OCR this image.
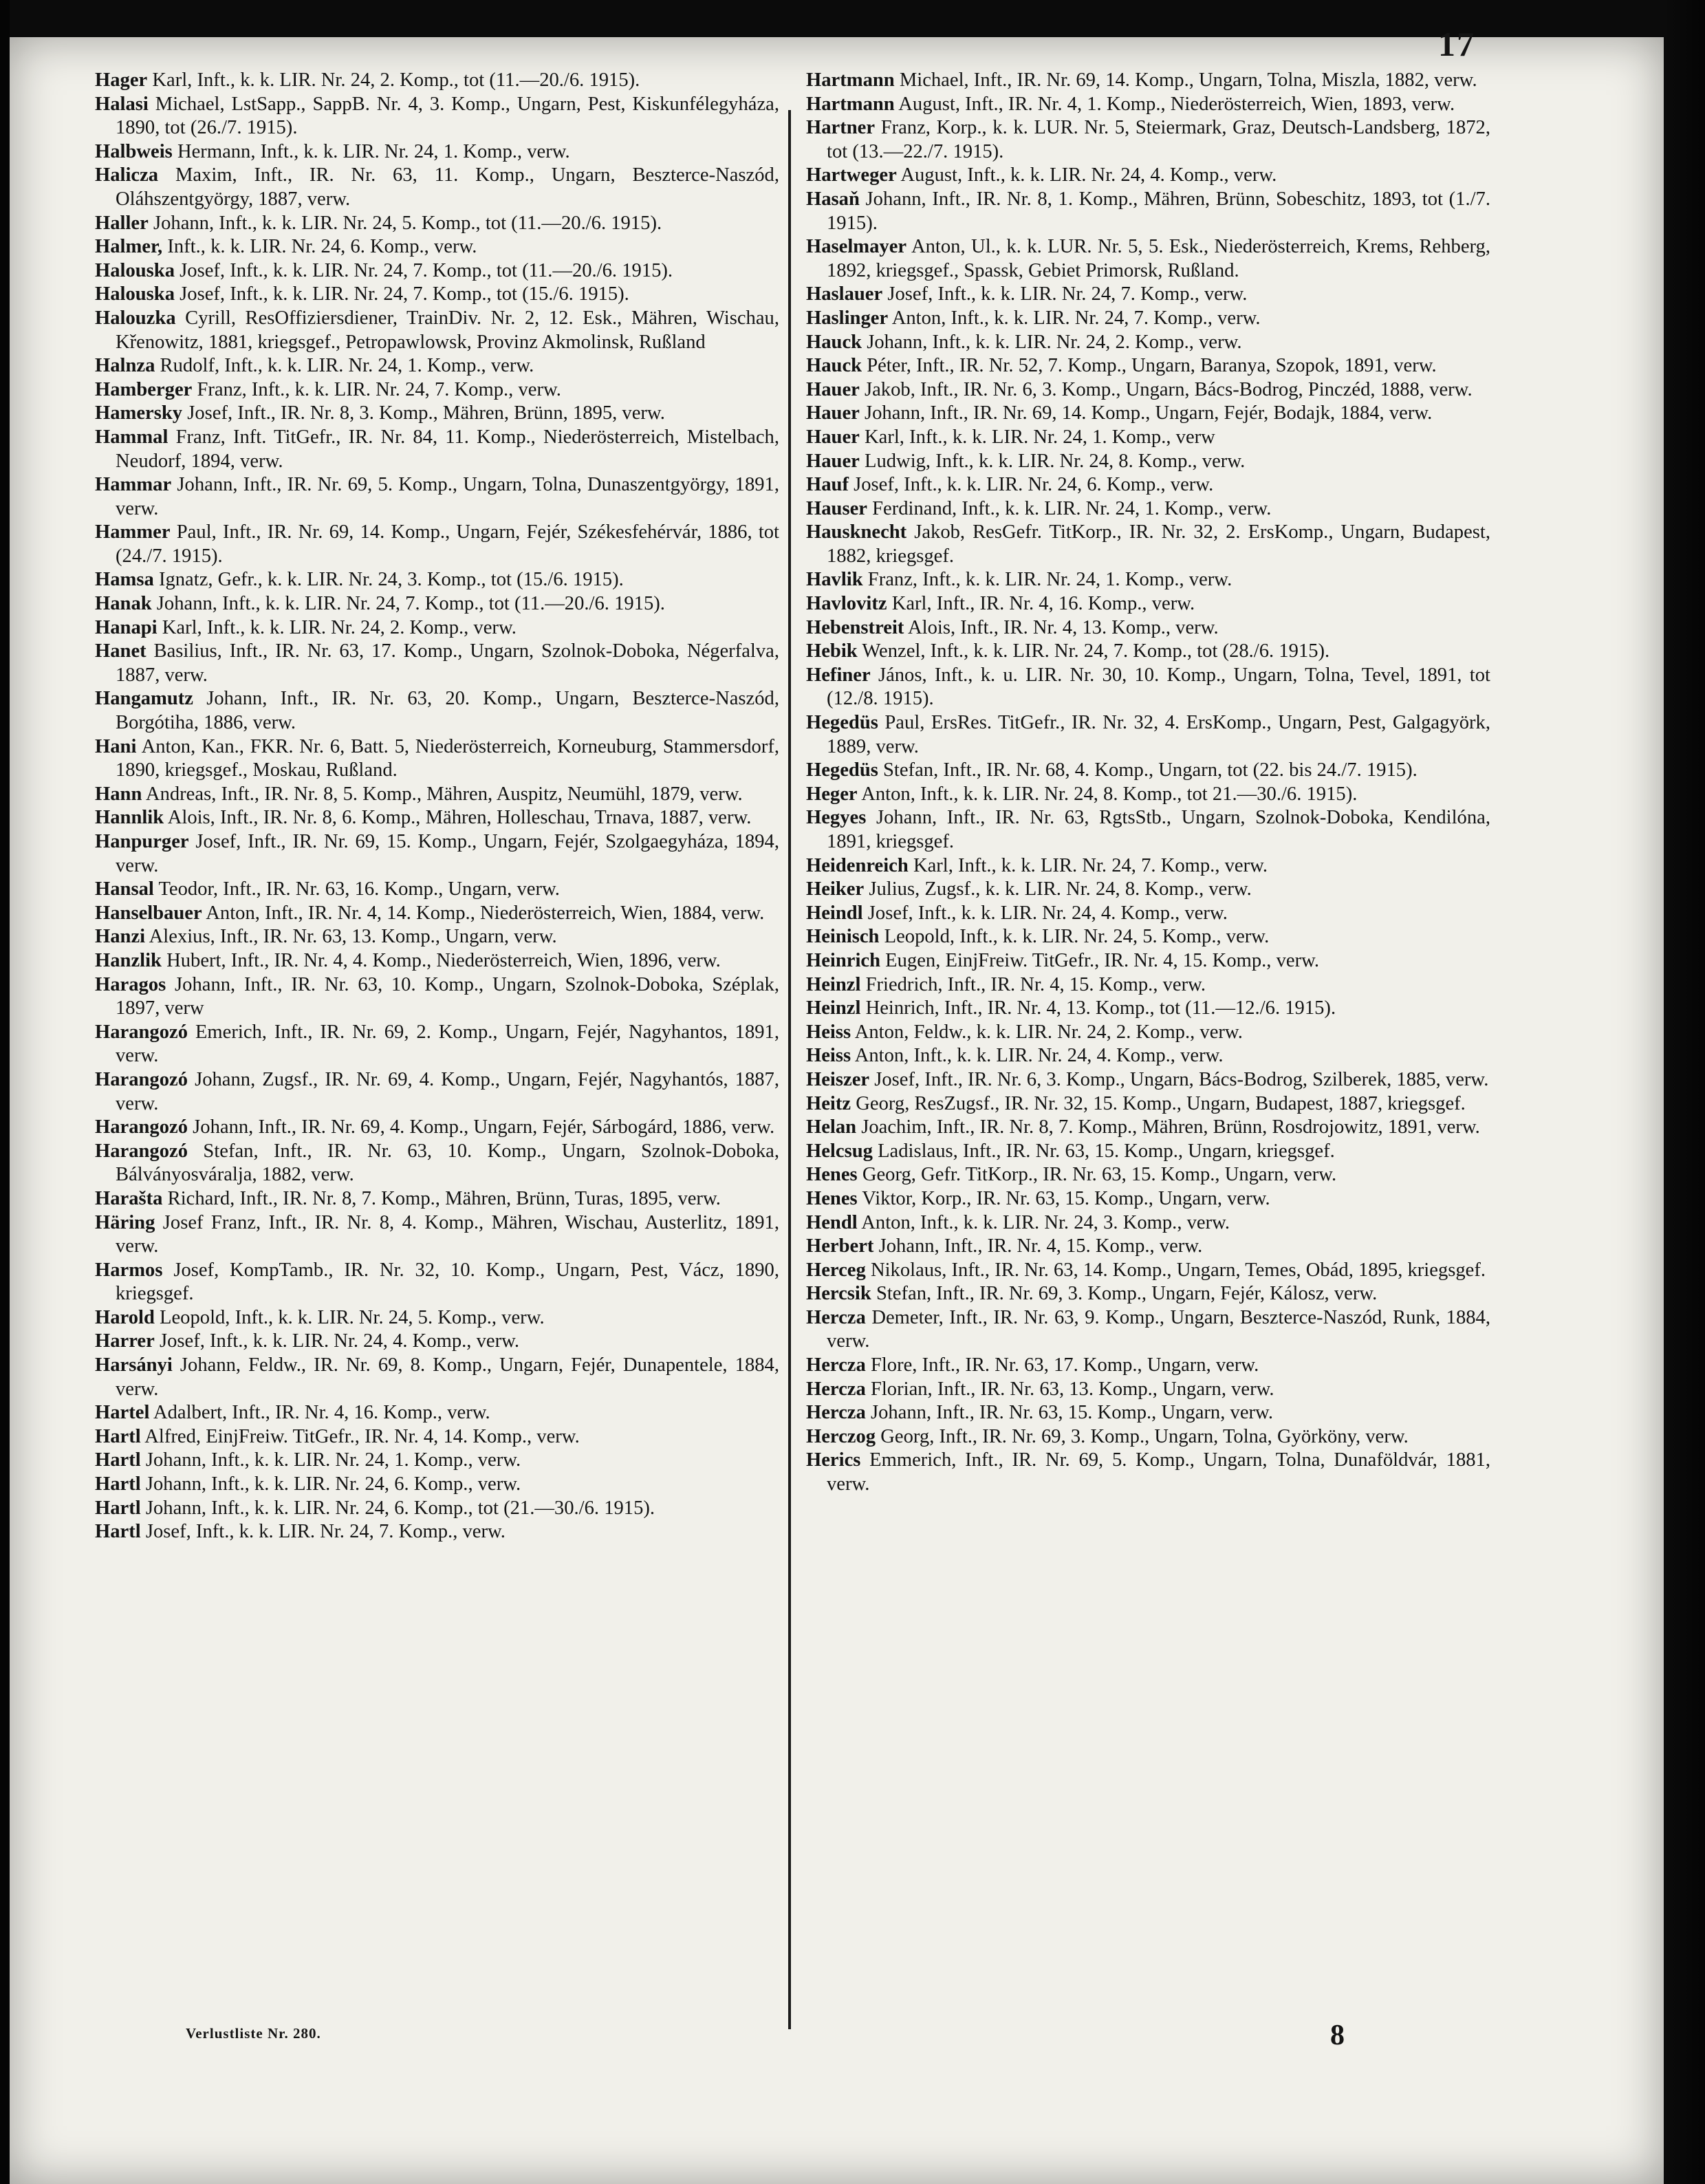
17

Hager Karl, Inft., k. k. LIR. Nr. 24, 2. Komp., tot (11.—20./6. 1915).

Halasi Michael, LstSapp., SappB. Nr. 4, 3. Komp., Ungarn, Pest, Kiskunfélegyháza, 1890, tot (26./7. 1915).

Halbweis Hermann, Inft., k. k. LIR. Nr. 24, 1. Komp., verw.

Halicza Maxim, Inft., IR. Nr. 63, 11. Komp., Ungarn, Beszterce-Naszód, Oláhszentgyörgy, 1887, verw.

Haller Johann, Inft., k. k. LIR. Nr. 24, 5. Komp., tot (11.—20./6. 1915).

Halmer, Inft., k. k. LIR. Nr. 24, 6. Komp., verw.

Halouska Josef, Inft., k. k. LIR. Nr. 24, 7. Komp., tot (11.—20./6. 1915).

Halouska Josef, Inft., k. k. LIR. Nr. 24, 7. Komp., tot (15./6. 1915).

Halouzka Cyrill, ResOffiziersdiener, TrainDiv. Nr. 2, 12. Esk., Mähren, Wischau, Křenowitz, 1881, kriegsgef., Petropawlowsk, Provinz Akmolinsk, Rußland

Halnza Rudolf, Inft., k. k. LIR. Nr. 24, 1. Komp., verw.

Hamberger Franz, Inft., k. k. LIR. Nr. 24, 7. Komp., verw.

Hamersky Josef, Inft., IR. Nr. 8, 3. Komp., Mähren, Brünn, 1895, verw.

Hammal Franz, Inft. TitGefr., IR. Nr. 84, 11. Komp., Niederösterreich, Mistelbach, Neudorf, 1894, verw.

Hammar Johann, Inft., IR. Nr. 69, 5. Komp., Ungarn, Tolna, Dunaszentgyörgy, 1891, verw.

Hammer Paul, Inft., IR. Nr. 69, 14. Komp., Ungarn, Fejér, Székesfehérvár, 1886, tot (24./7. 1915).

Hamsa Ignatz, Gefr., k. k. LIR. Nr. 24, 3. Komp., tot (15./6. 1915).

Hanak Johann, Inft., k. k. LIR. Nr. 24, 7. Komp., tot (11.—20./6. 1915).

Hanapi Karl, Inft., k. k. LIR. Nr. 24, 2. Komp., verw.

Hanet Basilius, Inft., IR. Nr. 63, 17. Komp., Ungarn, Szolnok-Doboka, Négerfalva, 1887, verw.

Hangamutz Johann, Inft., IR. Nr. 63, 20. Komp., Ungarn, Beszterce-Naszód, Borgótiha, 1886, verw.

Hani Anton, Kan., FKR. Nr. 6, Batt. 5, Niederösterreich, Korneuburg, Stammersdorf, 1890, kriegsgef., Moskau, Rußland.

Hann Andreas, Inft., IR. Nr. 8, 5. Komp., Mähren, Auspitz, Neumühl, 1879, verw.

Hannlik Alois, Inft., IR. Nr. 8, 6. Komp., Mähren, Holleschau, Trnava, 1887, verw.

Hanpurger Josef, Inft., IR. Nr. 69, 15. Komp., Ungarn, Fejér, Szolgaegyháza, 1894, verw.

Hansal Teodor, Inft., IR. Nr. 63, 16. Komp., Ungarn, verw.

Hanselbauer Anton, Inft., IR. Nr. 4, 14. Komp., Niederösterreich, Wien, 1884, verw.

Hanzi Alexius, Inft., IR. Nr. 63, 13. Komp., Ungarn, verw.

Hanzlik Hubert, Inft., IR. Nr. 4, 4. Komp., Niederösterreich, Wien, 1896, verw.

Haragos Johann, Inft., IR. Nr. 63, 10. Komp., Ungarn, Szolnok-Doboka, Széplak, 1897, verw

Harangozó Emerich, Inft., IR. Nr. 69, 2. Komp., Ungarn, Fejér, Nagyhantos, 1891, verw.

Harangozó Johann, Zugsf., IR. Nr. 69, 4. Komp., Ungarn, Fejér, Nagyhantós, 1887, verw.

Harangozó Johann, Inft., IR. Nr. 69, 4. Komp., Ungarn, Fejér, Sárbogárd, 1886, verw.

Harangozó Stefan, Inft., IR. Nr. 63, 10. Komp., Ungarn, Szolnok-Doboka, Bálványosváralja, 1882, verw.

Harašta Richard, Inft., IR. Nr. 8, 7. Komp., Mähren, Brünn, Turas, 1895, verw.

Häring Josef Franz, Inft., IR. Nr. 8, 4. Komp., Mähren, Wischau, Austerlitz, 1891, verw.

Harmos Josef, KompTamb., IR. Nr. 32, 10. Komp., Ungarn, Pest, Vácz, 1890, kriegsgef.

Harold Leopold, Inft., k. k. LIR. Nr. 24, 5. Komp., verw.

Harrer Josef, Inft., k. k. LIR. Nr. 24, 4. Komp., verw.

Harsányi Johann, Feldw., IR. Nr. 69, 8. Komp., Ungarn, Fejér, Dunapentele, 1884, verw.

Hartel Adalbert, Inft., IR. Nr. 4, 16. Komp., verw.

Hartl Alfred, EinjFreiw. TitGefr., IR. Nr. 4, 14. Komp., verw.

Hartl Johann, Inft., k. k. LIR. Nr. 24, 1. Komp., verw.

Hartl Johann, Inft., k. k. LIR. Nr. 24, 6. Komp., verw.

Hartl Johann, Inft., k. k. LIR. Nr. 24, 6. Komp., tot (21.—30./6. 1915).

Hartl Josef, Inft., k. k. LIR. Nr. 24, 7. Komp., verw.

Hartmann Michael, Inft., IR. Nr. 69, 14. Komp., Ungarn, Tolna, Miszla, 1882, verw.

Hartmann August, Inft., IR. Nr. 4, 1. Komp., Niederösterreich, Wien, 1893, verw.

Hartner Franz, Korp., k. k. LUR. Nr. 5, Steiermark, Graz, Deutsch-Landsberg, 1872, tot (13.—22./7. 1915).

Hartweger August, Inft., k. k. LIR. Nr. 24, 4. Komp., verw.

Hasaň Johann, Inft., IR. Nr. 8, 1. Komp., Mähren, Brünn, Sobeschitz, 1893, tot (1./7. 1915).

Haselmayer Anton, Ul., k. k. LUR. Nr. 5, 5. Esk., Niederösterreich, Krems, Rehberg, 1892, kriegsgef., Spassk, Gebiet Primorsk, Rußland.

Haslauer Josef, Inft., k. k. LIR. Nr. 24, 7. Komp., verw.

Haslinger Anton, Inft., k. k. LIR. Nr. 24, 7. Komp., verw.

Hauck Johann, Inft., k. k. LIR. Nr. 24, 2. Komp., verw.

Hauck Péter, Inft., IR. Nr. 52, 7. Komp., Ungarn, Baranya, Szopok, 1891, verw.

Hauer Jakob, Inft., IR. Nr. 6, 3. Komp., Ungarn, Bács-Bodrog, Pinczéd, 1888, verw.

Hauer Johann, Inft., IR. Nr. 69, 14. Komp., Ungarn, Fejér, Bodajk, 1884, verw.

Hauer Karl, Inft., k. k. LIR. Nr. 24, 1. Komp., verw

Hauer Ludwig, Inft., k. k. LIR. Nr. 24, 8. Komp., verw.

Hauf Josef, Inft., k. k. LIR. Nr. 24, 6. Komp., verw.

Hauser Ferdinand, Inft., k. k. LIR. Nr. 24, 1. Komp., verw.

Hausknecht Jakob, ResGefr. TitKorp., IR. Nr. 32, 2. ErsKomp., Ungarn, Budapest, 1882, kriegsgef.

Havlik Franz, Inft., k. k. LIR. Nr. 24, 1. Komp., verw.

Havlovitz Karl, Inft., IR. Nr. 4, 16. Komp., verw.

Hebenstreit Alois, Inft., IR. Nr. 4, 13. Komp., verw.

Hebik Wenzel, Inft., k. k. LIR. Nr. 24, 7. Komp., tot (28./6. 1915).

Hefiner János, Inft., k. u. LIR. Nr. 30, 10. Komp., Ungarn, Tolna, Tevel, 1891, tot (12./8. 1915).

Hegedüs Paul, ErsRes. TitGefr., IR. Nr. 32, 4. ErsKomp., Ungarn, Pest, Galgagyörk, 1889, verw.

Hegedüs Stefan, Inft., IR. Nr. 68, 4. Komp., Ungarn, tot (22. bis 24./7. 1915).

Heger Anton, Inft., k. k. LIR. Nr. 24, 8. Komp., tot 21.—30./6. 1915).

Hegyes Johann, Inft., IR. Nr. 63, RgtsStb., Ungarn, Szolnok-Doboka, Kendilóna, 1891, kriegsgef.

Heidenreich Karl, Inft., k. k. LIR. Nr. 24, 7. Komp., verw.

Heiker Julius, Zugsf., k. k. LIR. Nr. 24, 8. Komp., verw.

Heindl Josef, Inft., k. k. LIR. Nr. 24, 4. Komp., verw.

Heinisch Leopold, Inft., k. k. LIR. Nr. 24, 5. Komp., verw.

Heinrich Eugen, EinjFreiw. TitGefr., IR. Nr. 4, 15. Komp., verw.

Heinzl Friedrich, Inft., IR. Nr. 4, 15. Komp., verw.

Heinzl Heinrich, Inft., IR. Nr. 4, 13. Komp., tot (11.—12./6. 1915).

Heiss Anton, Feldw., k. k. LIR. Nr. 24, 2. Komp., verw.

Heiss Anton, Inft., k. k. LIR. Nr. 24, 4. Komp., verw.

Heiszer Josef, Inft., IR. Nr. 6, 3. Komp., Ungarn, Bács-Bodrog, Szilberek, 1885, verw.

Heitz Georg, ResZugsf., IR. Nr. 32, 15. Komp., Ungarn, Budapest, 1887, kriegsgef.

Helan Joachim, Inft., IR. Nr. 8, 7. Komp., Mähren, Brünn, Rosdrojowitz, 1891, verw.

Helcsug Ladislaus, Inft., IR. Nr. 63, 15. Komp., Ungarn, kriegsgef.

Henes Georg, Gefr. TitKorp., IR. Nr. 63, 15. Komp., Ungarn, verw.

Henes Viktor, Korp., IR. Nr. 63, 15. Komp., Ungarn, verw.

Hendl Anton, Inft., k. k. LIR. Nr. 24, 3. Komp., verw.

Herbert Johann, Inft., IR. Nr. 4, 15. Komp., verw.

Herceg Nikolaus, Inft., IR. Nr. 63, 14. Komp., Ungarn, Temes, Obád, 1895, kriegsgef.

Hercsik Stefan, Inft., IR. Nr. 69, 3. Komp., Ungarn, Fejér, Kálosz, verw.

Hercza Demeter, Inft., IR. Nr. 63, 9. Komp., Ungarn, Beszterce-Naszód, Runk, 1884, verw.

Hercza Flore, Inft., IR. Nr. 63, 17. Komp., Ungarn, verw.

Hercza Florian, Inft., IR. Nr. 63, 13. Komp., Ungarn, verw.

Hercza Johann, Inft., IR. Nr. 63, 15. Komp., Ungarn, verw.

Herczog Georg, Inft., IR. Nr. 69, 3. Komp., Ungarn, Tolna, Györköny, verw.

Herics Emmerich, Inft., IR. Nr. 69, 5. Komp., Ungarn, Tolna, Dunaföldvár, 1881, verw.

Verlustliste Nr. 280.	8
